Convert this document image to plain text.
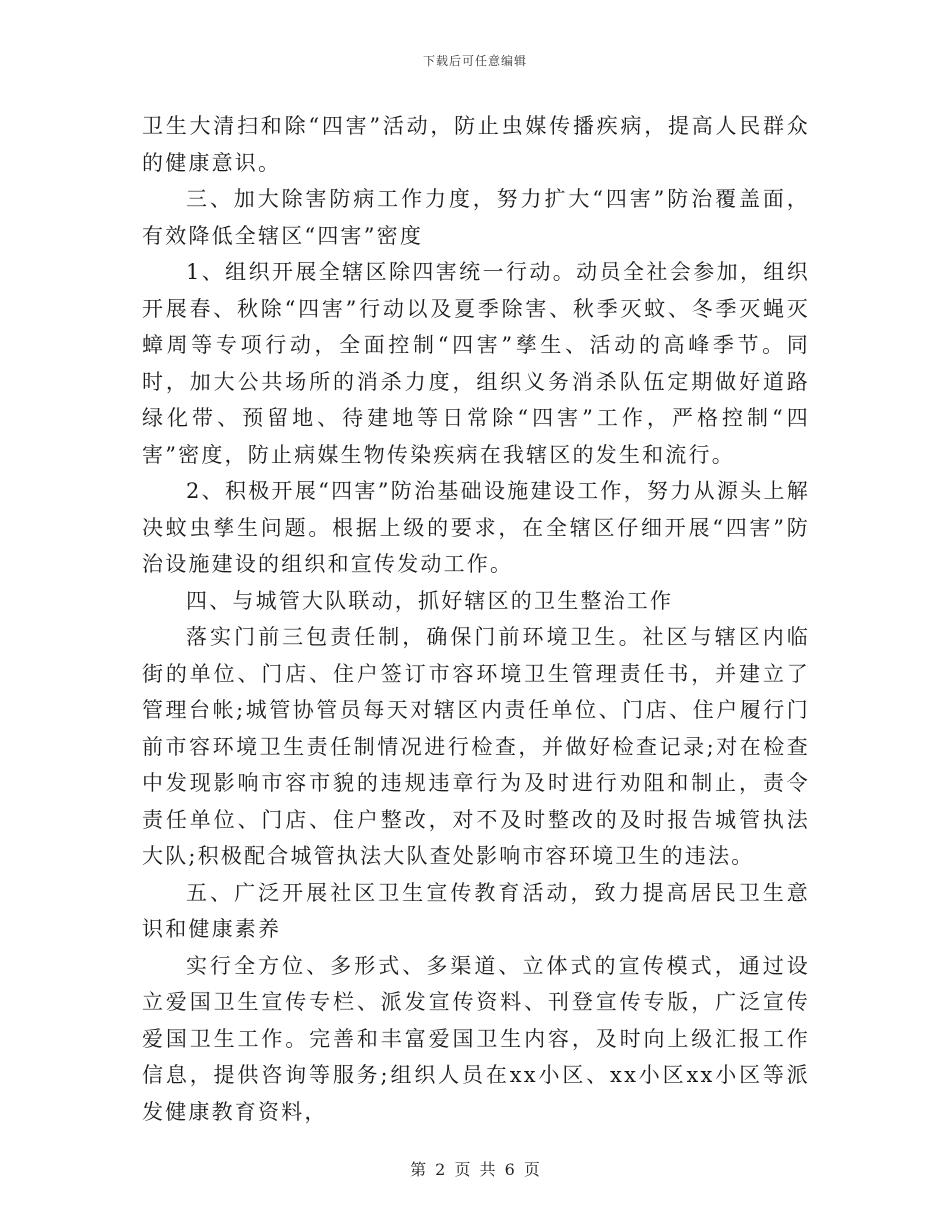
下载后可任意编辑

卫生大清扫和除“四害”活动，防止虫媒传播疾病，提高人民群众的健康意识。

三、加大除害防病工作力度，努力扩大“四害”防治覆盖面，有效降低全辖区“四害”密度

1、组织开展全辖区除四害统一行动。动员全社会参加，组织开展春、秋除“四害”行动以及夏季除害、秋季灭蚊、冬季灭蝇灭蟑周等专项行动，全面控制“四害”孳生、活动的高峰季节。同时，加大公共场所的消杀力度，组织义务消杀队伍定期做好道路绿化带、预留地、待建地等日常除“四害”工作，严格控制“四害”密度，防止病媒生物传染疾病在我辖区的发生和流行。

2、积极开展“四害”防治基础设施建设工作，努力从源头上解决蚊虫孳生问题。根据上级的要求，在全辖区仔细开展“四害”防治设施建设的组织和宣传发动工作。

四、与城管大队联动，抓好辖区的卫生整治工作

落实门前三包责任制，确保门前环境卫生。社区与辖区内临街的单位、门店、住户签订市容环境卫生管理责任书，并建立了管理台帐;城管协管员每天对辖区内责任单位、门店、住户履行门前市容环境卫生责任制情况进行检查，并做好检查记录;对在检查中发现影响市容市貌的违规违章行为及时进行劝阻和制止，责令责任单位、门店、住户整改，对不及时整改的及时报告城管执法大队;积极配合城管执法大队查处影响市容环境卫生的违法。

五、广泛开展社区卫生宣传教育活动，致力提高居民卫生意识和健康素养

实行全方位、多形式、多渠道、立体式的宣传模式，通过设立爱国卫生宣传专栏、派发宣传资料、刊登宣传专版，广泛宣传爱国卫生工作。完善和丰富爱国卫生内容，及时向上级汇报工作信息，提供咨询等服务;组织人员在xx小区、xx小区xx小区等派发健康教育资料，

第 2 页 共 6 页
